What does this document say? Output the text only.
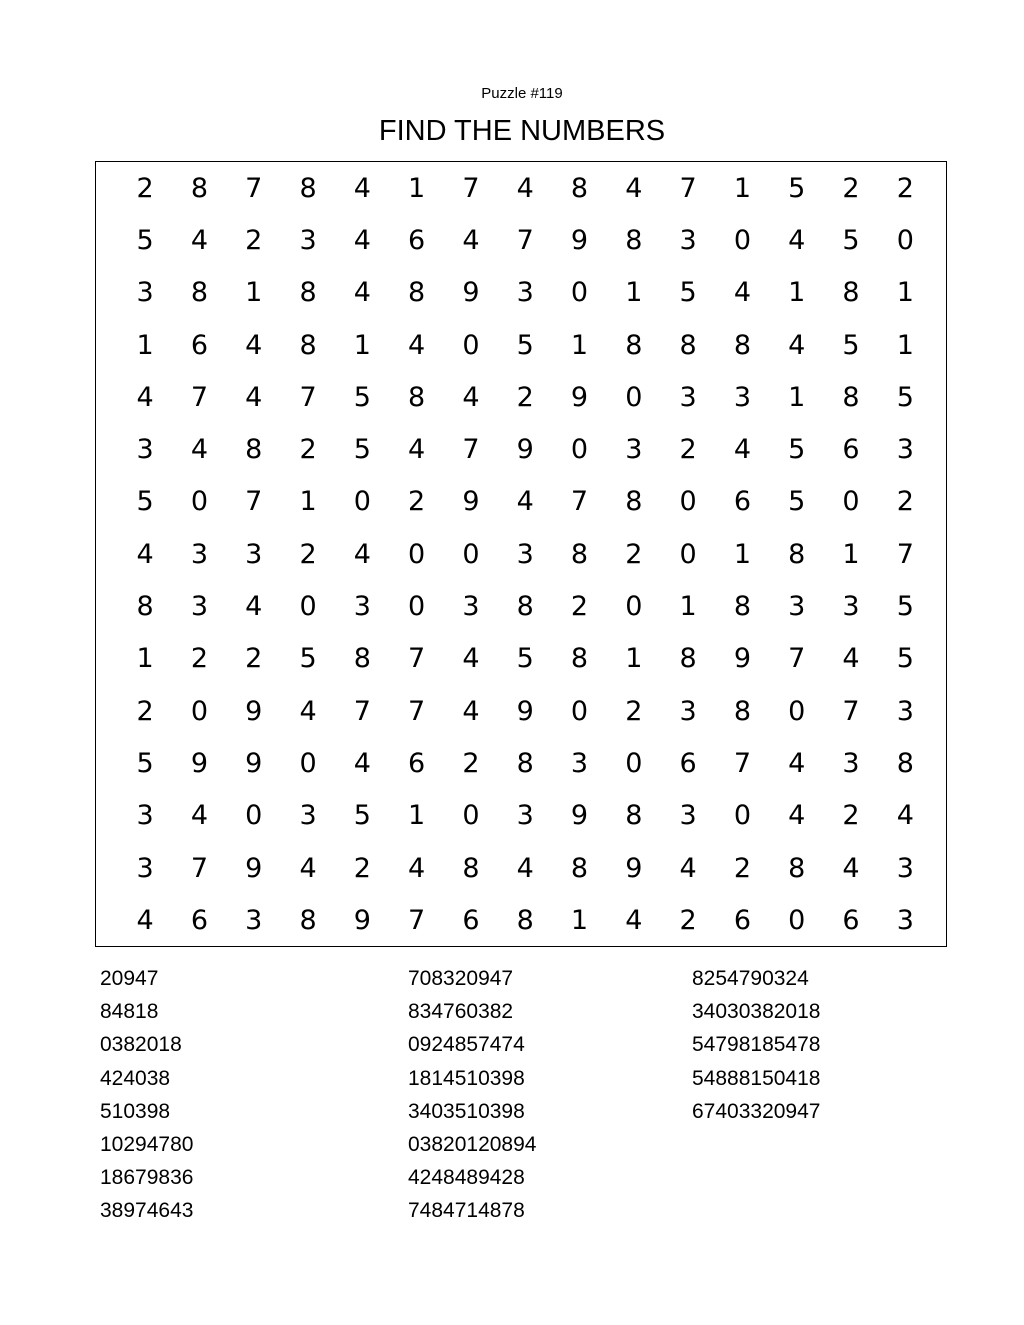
Puzzle #119
FIND THE NUMBERS
2	8	7	8	4	1	7	4	8	4	7	1	5	2	2
5	4	2	3	4	6	4	7	9	8	3	0	4	5	0
3	8	1	8	4	8	9	3	0	1	5	4	1	8	1
1	6	4	8	1	4	0	5	1	8	8	8	4	5	1
4	7	4	7	5	8	4	2	9	0	3	3	1	8	5
3	4	8	2	5	4	7	9	0	3	2	4	5	6	3
5	0	7	1	0	2	9	4	7	8	0	6	5	0	2
4	3	3	2	4	0	0	3	8	2	0	1	8	1	7
8	3	4	0	3	0	3	8	2	0	1	8	3	3	5
1	2	2	5	8	7	4	5	8	1	8	9	7	4	5
2	0	9	4	7	7	4	9	0	2	3	8	0	7	3
5	9	9	0	4	6	2	8	3	0	6	7	4	3	8
3	4	0	3	5	1	0	3	9	8	3	0	4	2	4
3	7	9	4	2	4	8	4	8	9	4	2	8	4	3
4	6	3	8	9	7	6	8	1	4	2	6	0	6	3
20947
84818
0382018
424038
510398
10294780
18679836
38974643
708320947
834760382
0924857474
1814510398
3403510398
03820120894
4248489428
7484714878
8254790324
34030382018
54798185478
54888150418
67403320947
